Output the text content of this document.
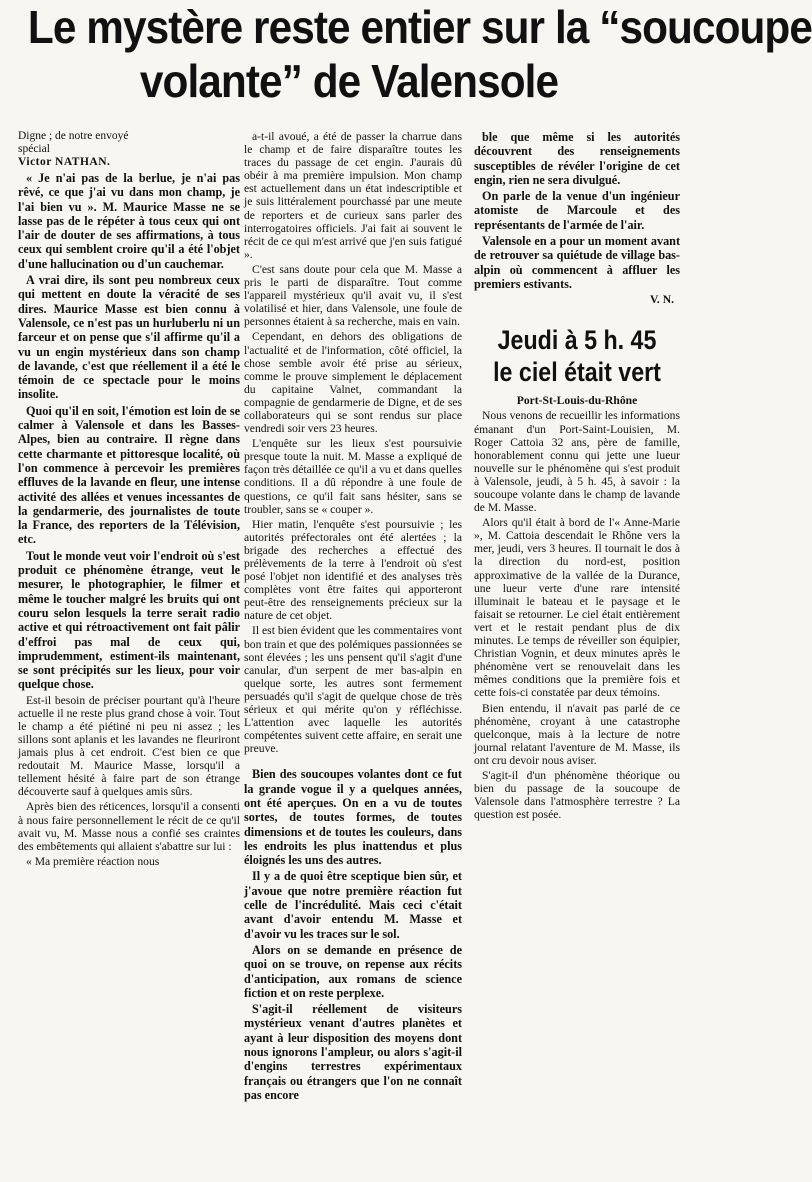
Le mystère reste entier sur la “soucoupe
volante” de Valensole
Digne ; de notre envoyé
spécial
Victor NATHAN.

« Je n'ai pas de la berlue, je n'ai pas rêvé, ce que j'ai vu dans mon champ, je l'ai bien vu ». M. Maurice Masse ne se lasse pas de le répéter à tous ceux qui ont l'air de douter de ses affirmations, à tous ceux qui semblent croire qu'il a été l'objet d'une hallucination ou d'un cauchemar.

A vrai dire, ils sont peu nombreux ceux qui mettent en doute la véracité de ses dires. Maurice Masse est bien connu à Valensole, ce n'est pas un hurluberlu ni un farceur et on pense que s'il affirme qu'il a vu un engin mystérieux dans son champ de lavande, c'est que réellement il a été le témoin de ce spectacle pour le moins insolite.

Quoi qu'il en soit, l'émotion est loin de se calmer à Valensole et dans les Basses-Alpes, bien au contraire. Il règne dans cette charmante et pittoresque localité, où l'on commence à percevoir les premières effluves de la lavande en fleur, une intense activité des allées et venues incessantes de la gendarmerie, des journalistes de toute la France, des reporters de la Télévision, etc.

Tout le monde veut voir l'endroit où s'est produit ce phénomène étrange, veut le mesurer, le photographier, le filmer et même le toucher malgré les bruits qui ont couru selon lesquels la terre serait radio active et qui rétroactivement ont fait pâlir d'effroi pas mal de ceux qui, imprudemment, estiment-ils maintenant, se sont précipités sur les lieux, pour voir quelque chose.

Est-il besoin de préciser pourtant qu'à l'heure actuelle il ne reste plus grand chose à voir. Tout le champ a été piétiné ni peu ni assez ; les sillons sont aplanis et les lavandes ne fleuriront jamais plus à cet endroit. C'est bien ce que redoutait M. Maurice Masse, lorsqu'il a tellement hésité à faire part de son étrange découverte sauf à quelques amis sûrs.

Après bien des réticences, lorsqu'il a consenti à nous faire personnellement le récit de ce qu'il avait vu, M. Masse nous a confié ses craintes des embêtements qui allaient s'abattre sur lui :

« Ma première réaction nous

a-t-il avoué, a été de passer la charrue dans le champ et de faire disparaître toutes les traces du passage de cet engin. J'aurais dû obéir à ma première impulsion. Mon champ est actuellement dans un état indescriptible et je suis littéralement pourchassé par une meute de reporters et de curieux sans parler des interrogatoires officiels. J'ai fait ai souvent le récit de ce qui m'est arrivé que j'en suis fatigué ».

C'est sans doute pour cela que M. Masse a pris le parti de disparaître. Tout comme l'appareil mystérieux qu'il avait vu, il s'est volatilisé et hier, dans Valensole, une foule de personnes étaient à sa recherche, mais en vain.

Cependant, en dehors des obligations de l'actualité et de l'information, côté officiel, la chose semble avoir été prise au sérieux, comme le prouve simplement le déplacement du capitaine Valnet, commandant la compagnie de gendarmerie de Digne, et de ses collaborateurs qui se sont rendus sur place vendredi soir vers 23 heures.

L'enquête sur les lieux s'est poursuivie presque toute la nuit. M. Masse a expliqué de façon très détaillée ce qu'il a vu et dans quelles conditions. Il a dû répondre à une foule de questions, ce qu'il fait sans hésiter, sans se troubler, sans se « couper ».

Hier matin, l'enquête s'est poursuivie ; les autorités préfectorales ont été alertées ; la brigade des recherches a effectué des prélèvements de la terre à l'endroit où s'est posé l'objet non identifié et des analyses très complètes vont être faites qui apporteront peut-être des renseignements précieux sur la nature de cet objet.

Il est bien évident que les commentaires vont bon train et que des polémiques passionnées se sont élevées ; les uns pensent qu'il s'agit d'une canular, d'un serpent de mer bas-alpin en quelque sorte, les autres sont fermement persuadés qu'il s'agit de quelque chose de très sérieux et qui mérite qu'on y réfléchisse. L'attention avec laquelle les autorités compétentes suivent cette affaire, en serait une preuve.

Bien des soucoupes volantes dont ce fut la grande vogue il y a quelques années, ont été aperçues. On en a vu de toutes sortes, de toutes formes, de toutes dimensions et de toutes les couleurs, dans les endroits les plus inattendus et plus éloignés les uns des autres.

Il y a de quoi être sceptique bien sûr, et j'avoue que notre première réaction fut celle de l'incrédulité. Mais ceci c'était avant d'avoir entendu M. Masse et d'avoir vu les traces sur le sol.

Alors on se demande en présence de quoi on se trouve, on repense aux récits d'anticipation, aux romans de science fiction et on reste perplexe.

S'agit-il réellement de visiteurs mystérieux venant d'autres planètes et ayant à leur disposition des moyens dont nous ignorons l'ampleur, ou alors s'agit-il d'engins terrestres expérimentaux français ou étrangers que l'on ne connaît pas encore

ble que même si les autorités découvrent des renseignements susceptibles de révéler l'origine de cet engin, rien ne sera divulgué.

On parle de la venue d'un ingénieur atomiste de Marcoule et des représentants de l'armée de l'air.

Valensole en a pour un moment avant de retrouver sa quiétude de village bas-alpin où commencent à affluer les premiers estivants.

V. N.
Jeudi à 5 h. 45
le ciel était vert
Port-St-Louis-du-Rhône

Nous venons de recueillir les informations émanant d'un Port-Saint-Louisien, M. Roger Cattoia 32 ans, père de famille, honorablement connu qui jette une lueur nouvelle sur le phénomène qui s'est produit à Valensole, jeudi, à 5 h. 45, à savoir : la soucoupe volante dans le champ de lavande de M. Masse.

Alors qu'il était à bord de l'« Anne-Marie », M. Cattoia descendait le Rhône vers la mer, jeudi, vers 3 heures. Il tournait le dos à la direction du nord-est, position approximative de la vallée de la Durance, une lueur verte d'une rare intensité illuminait le bateau et le paysage et le faisait se retourner. Le ciel était entièrement vert et le restait pendant plus de dix minutes. Le temps de réveiller son équipier, Christian Vognin, et deux minutes après le phénomène vert se renouvelait dans les mêmes conditions que la première fois et cette fois-ci constatée par deux témoins.

Bien entendu, il n'avait pas parlé de ce phénomène, croyant à une catastrophe quelconque, mais à la lecture de notre journal relatant l'aventure de M. Masse, ils ont cru devoir nous aviser.

S'agit-il d'un phénomène théorique ou bien du passage de la soucoupe de Valensole dans l'atmosphère terrestre ? La question est posée.
